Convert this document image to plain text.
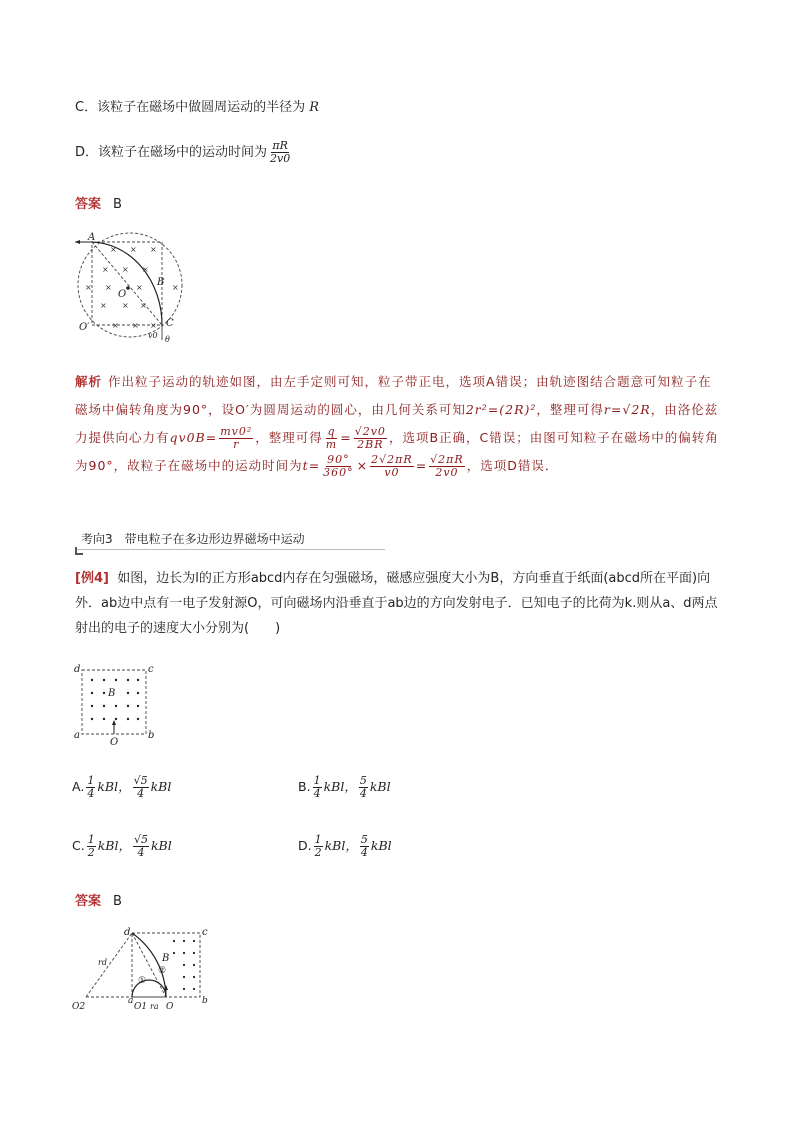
C．该粒子在磁场中做圆周运动的半径为 R
D．该粒子在磁场中的运动时间为 $\frac{\pi R}{2v0}$
答案 B
× × ×
× × ×
× ×	×	×
× × ×
× × ×
A
B
O
O′	C
v0 θ
解析 作出粒子运动的轨迹如图，由左手定则可知，粒子带正电，选项A错误；由轨迹图结合题意可知粒子在磁场中偏转角度为90°，设O′为圆周运动的圆心，由几何关系可知2r²=(2R)²，整理可得r=√2R，由洛伦兹力提供向心力有$qv0B= \frac{\text{mv0²}}{r}$ ，整理可得 $\frac{q}{m} = \frac{√2v0}{2BR}$ ，选项B正确，C错误；由图可知粒子在磁场中的偏转角为90°，故粒子在磁场中的运动时间为$t= \frac{90^\circ}{360^\circ} \times \frac{2√2\pi R}{v0} = \frac{√2\pi R}{2v0}$ ，选项D错误．
考向3　带电粒子在多边形边界磁场中运动
[例4] 如图，边长为l的正方形abcd内存在匀强磁场，磁感应强度大小为B，方向垂直于纸面(abcd所在平面)向外．ab边中点有一电子发射源O，可向磁场内沿垂直于ab边的方向发射电子．已知电子的比荷为k.则从a、d两点射出的电子的速度大小分别为(　　)
d	c
B
a	b
O
A. $\frac{1}{4}$ kBl， $\frac{√5}{4}$ kBl	B. $\frac{1}{4}$ kBl， $\frac{5}{4}$ kBl
C. $\frac{1}{2}$ kBl， $\frac{√5}{4}$ kBl	D. $\frac{1}{2}$ kBl， $\frac{5}{4}$ kBl
答案 B
d	c
B
rd
O2
a
O1 ra O
b
①
②
